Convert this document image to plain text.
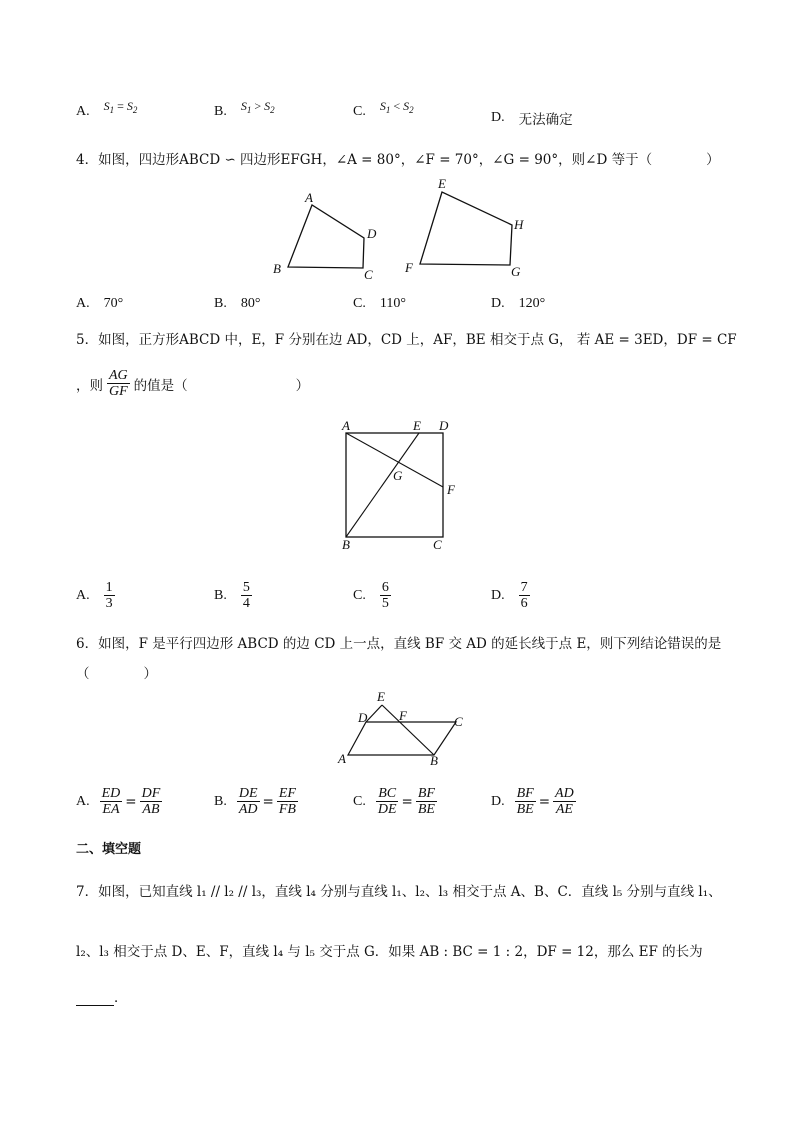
A. $S_1 = S_2$	B. $S_1 > S_2$	C. $S_1 < S_2$	D. 无法确定
4．如图，四边形ABCD ∽ 四边形EFGH，∠A = 80°，∠F = 70°，∠G = 90°，则∠D 等于（　　　　）
A
B	C
D
E
F	G
H
A. 70°	B. 80°	C. 110°	D. 120°
5．如图，正方形ABCD 中，E，F 分别在边 AD，CD 上，AF，BE 相交于点 G， 若 AE = 3ED，DF = CF
，则 $\frac{AG}{GF}$ 的值是（　　　　　　　　）
A	D
E
F
G
B	C
A. $\frac{1}{3}$	B. $\frac{5}{4}$	C. $\frac{6}{5}$	D. $\frac{7}{6}$
6．如图，F 是平行四边形 ABCD 的边 CD 上一点，直线 BF 交 AD 的延长线于点 E，则下列结论错误的是
（　　　　）
E
D F	C
A	B
A. $\frac{ED}{EA} = \frac{DF}{AB}$	B. $\frac{DE}{AD} = \frac{EF}{FB}$	C. $\frac{BC}{DE} = \frac{BF}{BE}$	D. $\frac{BF}{BE} = \frac{AD}{AE}$
二、填空题
7．如图，已知直线 l₁ // l₂ // l₃，直线 l₄ 分别与直线 l₁、l₂、l₃ 相交于点 A、B、C．直线 l₅ 分别与直线 l₁、
l₂、l₃ 相交于点 D、E、F，直线 l₄ 与 l₅ 交于点 G．如果 AB : BC = 1 : 2，DF = 12，那么 EF 的长为
．
